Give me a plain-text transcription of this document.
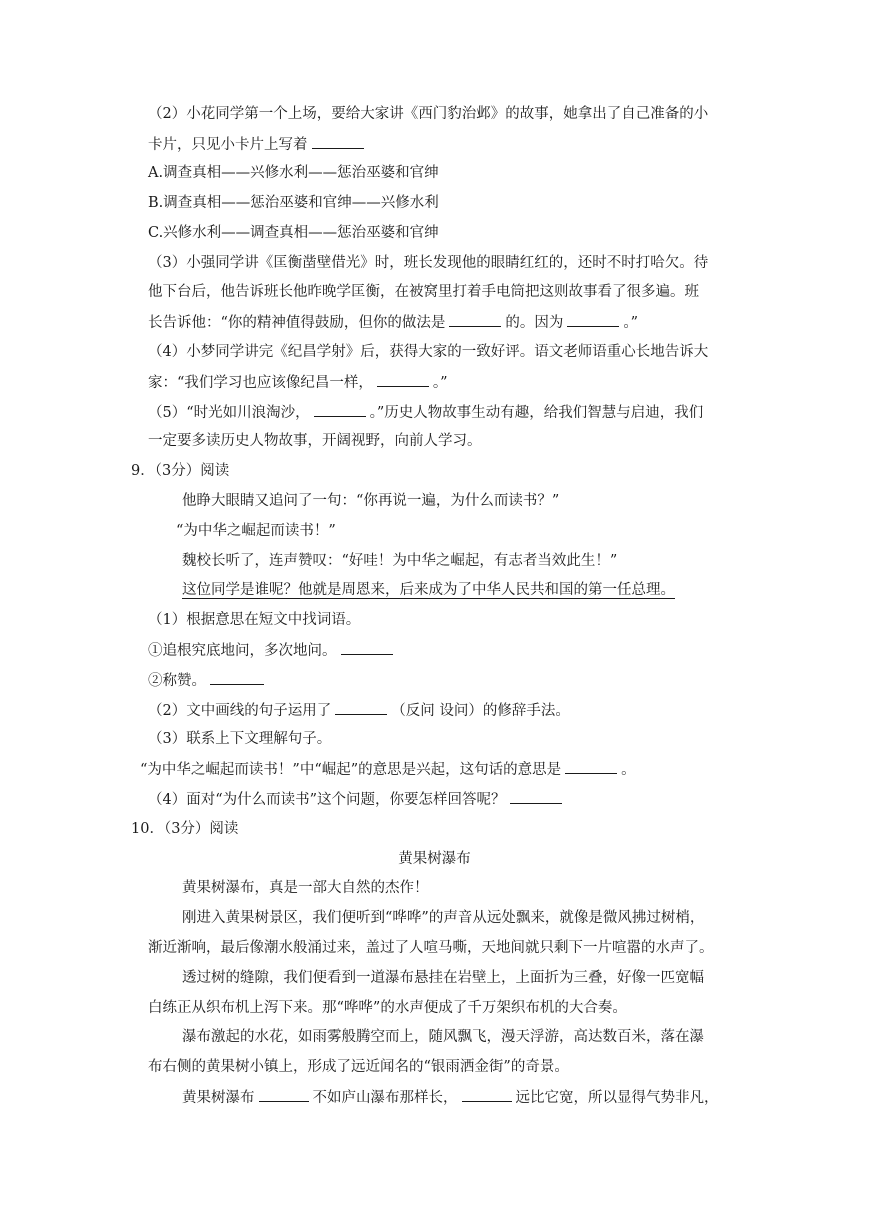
（2）小花同学第一个上场，要给大家讲《西门豹治邺》的故事，她拿出了自己准备的小
卡片，只见小卡片上写着
A.调查真相——兴修水利——惩治巫婆和官绅
B.调查真相——惩治巫婆和官绅——兴修水利
C.兴修水利——调查真相——惩治巫婆和官绅
（3）小强同学讲《匡衡凿壁借光》时，班长发现他的眼睛红红的，还时不时打哈欠。待
他下台后，他告诉班长他昨晚学匡衡，在被窝里打着手电筒把这则故事看了很多遍。班
长告诉他：“你的精神值得鼓励，但你的做法是	的。因为	。”
（4）小梦同学讲完《纪昌学射》后，获得大家的一致好评。语文老师语重心长地告诉大
家：“我们学习也应该像纪昌一样，	。”
（5）“时光如川浪淘沙，	。”历史人物故事生动有趣，给我们智慧与启迪，我们
一定要多读历史人物故事，开阔视野，向前人学习。
9．（3分）阅读
他睁大眼睛又追问了一句：“你再说一遍，为什么而读书？”
“为中华之崛起而读书！”
魏校长听了，连声赞叹：“好哇！为中华之崛起，有志者当效此生！”
这位同学是谁呢？他就是周恩来，后来成为了中华人民共和国的第一任总理。
（1）根据意思在短文中找词语。
①追根究底地问，多次地问。
②称赞。
（2）文中画线的句子运用了	（反问 设问）的修辞手法。
（3）联系上下文理解句子。
“为中华之崛起而读书！”中“崛起”的意思是兴起，这句话的意思是	。
（4）面对“为什么而读书”这个问题，你要怎样回答呢？
10．（3分）阅读
黄果树瀑布
黄果树瀑布，真是一部大自然的杰作！
刚进入黄果树景区，我们便听到“哗哗”的声音从远处飘来，就像是微风拂过树梢，
渐近渐响，最后像潮水般涌过来，盖过了人喧马嘶，天地间就只剩下一片喧嚣的水声了。
透过树的缝隙，我们便看到一道瀑布悬挂在岩壁上，上面折为三叠，好像一匹宽幅
白练正从织布机上泻下来。那“哗哗”的水声便成了千万架织布机的大合奏。
瀑布激起的水花，如雨雾般腾空而上，随风飘飞，漫天浮游，高达数百米，落在瀑
布右侧的黄果树小镇上，形成了远近闻名的“银雨洒金街”的奇景。
黄果树瀑布	不如庐山瀑布那样长，	远比它宽，所以显得气势非凡，
